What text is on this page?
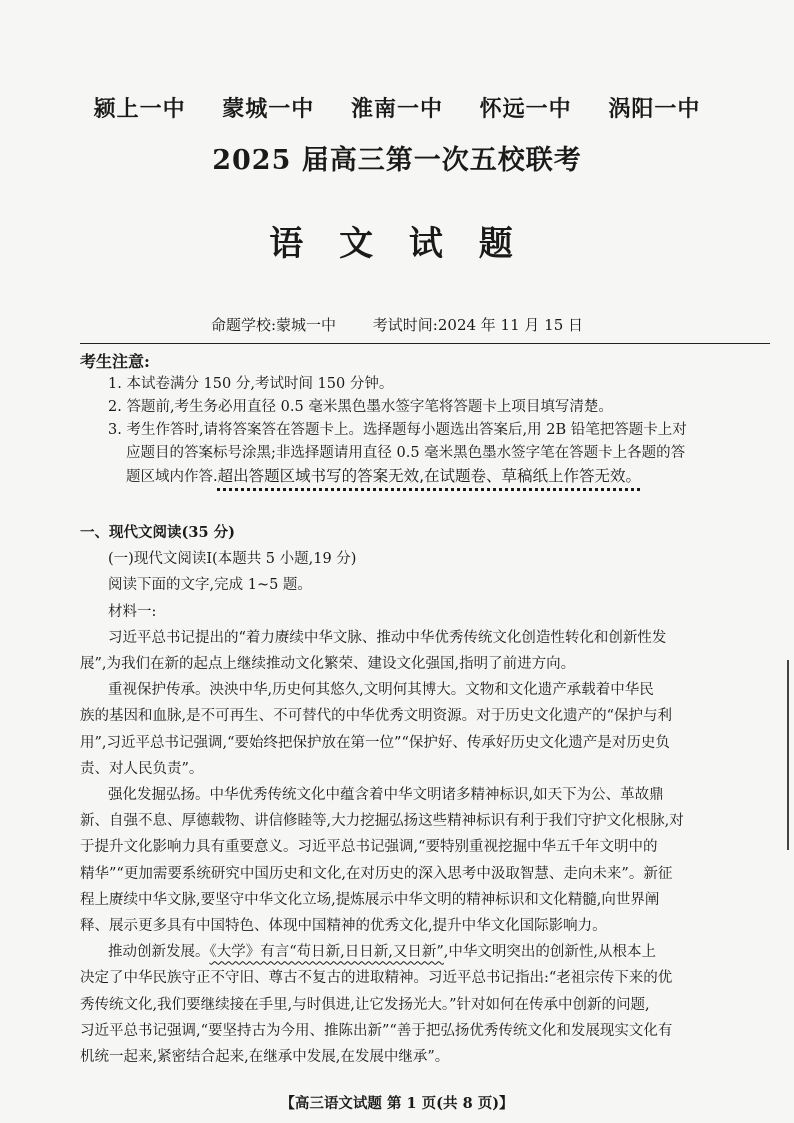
颍上一中 蒙城一中 淮南一中 怀远一中 涡阳一中
2025 届高三第一次五校联考
语 文 试 题
命题学校:蒙城一中 考试时间:2024 年 11 月 15 日
考生注意:
1. 本试卷满分 150 分,考试时间 150 分钟。
2. 答题前,考生务必用直径 0.5 毫米黑色墨水签字笔将答题卡上项目填写清楚。
3. 考生作答时,请将答案答在答题卡上。选择题每小题选出答案后,用 2B 铅笔把答题卡上对
应题目的答案标号涂黑;非选择题请用直径 0.5 毫米黑色墨水签字笔在答题卡上各题的答
题区域内作答.超出答题区域书写的答案无效,在试题卷、草稿纸上作答无效。
一、现代文阅读(35 分)
(一)现代文阅读Ⅰ(本题共 5 小题,19 分)
阅读下面的文字,完成 1~5 题。
材料一:
习近平总书记提出的“着力赓续中华文脉、推动中华优秀传统文化创造性转化和创新性发
展”,为我们在新的起点上继续推动文化繁荣、建设文化强国,指明了前进方向。
重视保护传承。泱泱中华,历史何其悠久,文明何其博大。文物和文化遗产承载着中华民
族的基因和血脉,是不可再生、不可替代的中华优秀文明资源。对于历史文化遗产的“保护与利
用”,习近平总书记强调,“要始终把保护放在第一位”“保护好、传承好历史文化遗产是对历史负
责、对人民负责”。
强化发掘弘扬。中华优秀传统文化中蕴含着中华文明诸多精神标识,如天下为公、革故鼎
新、自强不息、厚德载物、讲信修睦等,大力挖掘弘扬这些精神标识有利于我们守护文化根脉,对
于提升文化影响力具有重要意义。习近平总书记强调,“要特别重视挖掘中华五千年文明中的
精华”“更加需要系统研究中国历史和文化,在对历史的深入思考中汲取智慧、走向未来”。新征
程上赓续中华文脉,要坚守中华文化立场,提炼展示中华文明的精神标识和文化精髓,向世界阐
释、展示更多具有中国特色、体现中国精神的优秀文化,提升中华文化国际影响力。
推动创新发展。《大学》有言“苟日新,日日新,又日新”,中华文明突出的创新性,从根本上
决定了中华民族守正不守旧、尊古不复古的进取精神。习近平总书记指出:“老祖宗传下来的优
秀传统文化,我们要继续接在手里,与时俱进,让它发扬光大。”针对如何在传承中创新的问题,
习近平总书记强调,“要坚持古为今用、推陈出新”“善于把弘扬优秀传统文化和发展现实文化有
机统一起来,紧密结合起来,在继承中发展,在发展中继承”。
【高三语文试题 第 1 页(共 8 页)】
